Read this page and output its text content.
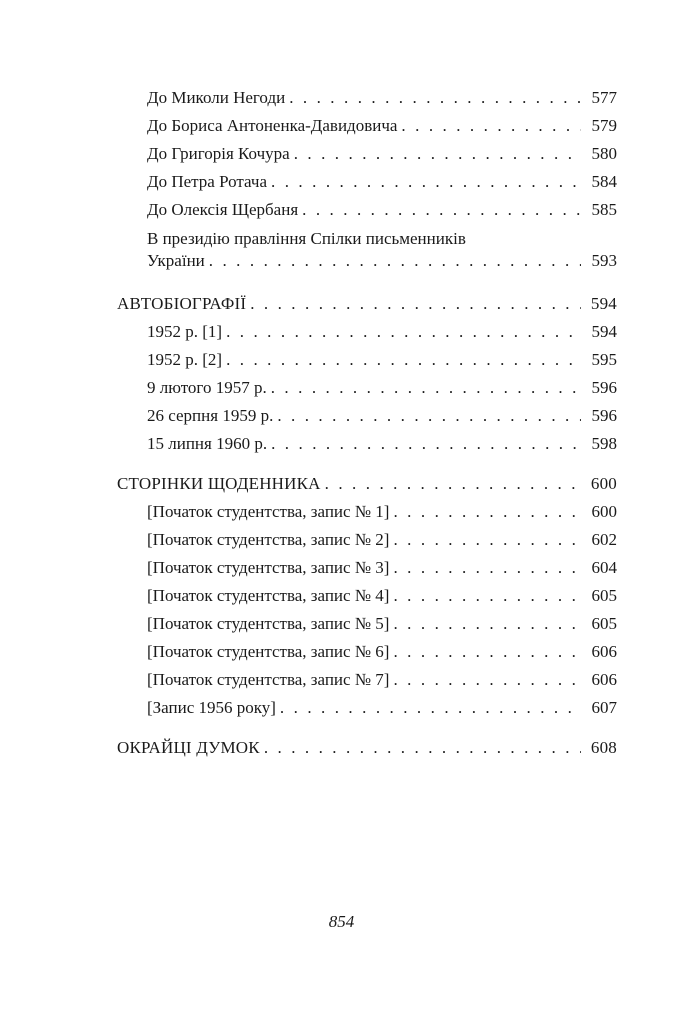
До Миколи Негоди . . .	577
До Бориса Антоненка-Давидовича . . .	579
До Григорія Кочура . . .	580
До Петра Ротача . . .	584
До Олексія Щербаня . . .	585
В президію правління Спілки письменників
України . . .	593
АВТОБІОГРАФІЇ . . .	594
1952 р. [1] . . .	594
1952 р. [2] . . .	595
9 лютого 1957 р. . . .	596
26 серпня 1959 р. . . .	596
15 липня 1960 р. . . .	598
СТОРІНКИ ЩОДЕННИКА . . .	600
[Початок студентства, запис № 1] . . .	600
[Початок студентства, запис № 2] . . .	602
[Початок студентства, запис № 3] . . .	604
[Початок студентства, запис № 4] . . .	605
[Початок студентства, запис № 5] . . .	605
[Початок студентства, запис № 6] . . .	606
[Початок студентства, запис № 7] . . .	606
[Запис 1956 року] . . .	607
ОКРАЙЦІ ДУМОК . . .	608
854
